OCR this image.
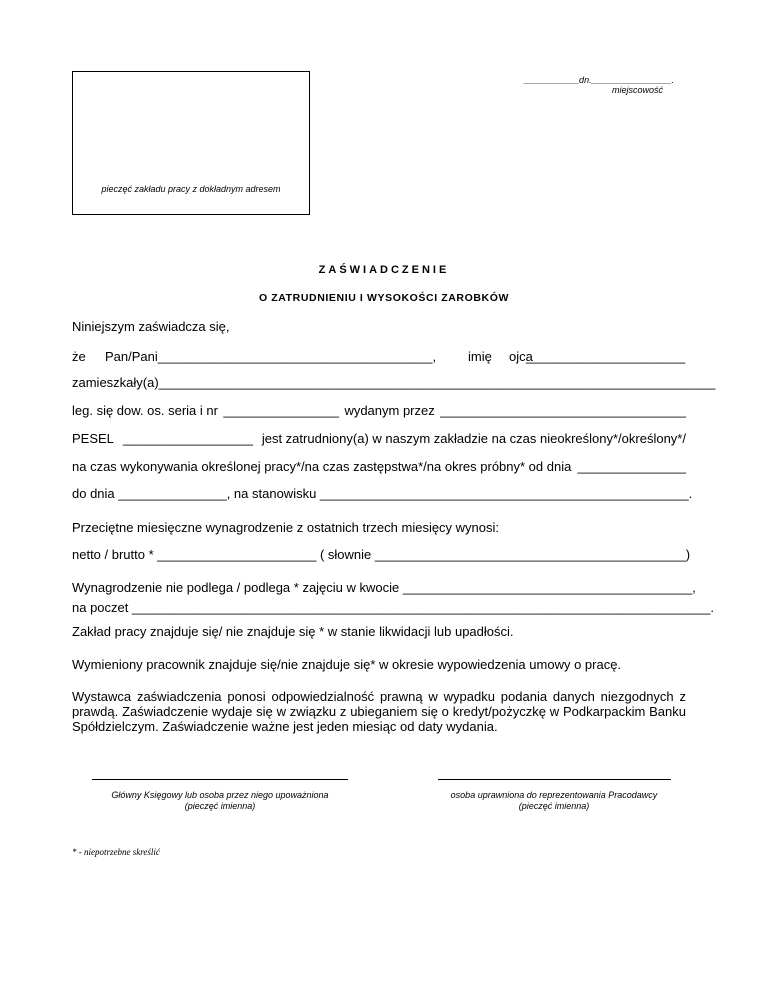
___________dn.________________.
miejscowość
pieczęć zakładu pracy z dokładnym adresem
ZAŚWIADCZENIE
O ZATRUDNIENIU I WYSOKOŚCI ZAROBKÓW
Niniejszym zaświadcza się,
że Pan/Pani______________________________________, imię ojca
______________________
zamieszkały(a)_____________________________________________________________________________
leg. się dow. os. seria i nr ________________ wydanym przez __________________________________
PESEL __________________ jest zatrudniony(a) w naszym zakładzie na czas nieokreślony*/określony*/
na czas wykonywania określonej pracy*/na czas zastępstwa*/na okres próbny* od dnia _______________
do dnia _______________, na stanowisku ___________________________________________________.
Przeciętne miesięczne wynagrodzenie z ostatnich trzech miesięcy wynosi:
netto / brutto * ______________________ ( słownie ___________________________________________)
Wynagrodzenie nie podlega / podlega * zajęciu w kwocie ________________________________________,
na poczet ________________________________________________________________________________.
Zakład pracy znajduje się/ nie znajduje się * w stanie likwidacji lub upadłości.
Wymieniony pracownik znajduje się/nie znajduje się* w okresie wypowiedzenia umowy o pracę.
Wystawca zaświadczenia ponosi odpowiedzialność prawną w wypadku podania danych niezgodnych z prawdą. Zaświadczenie wydaje się w związku z ubieganiem się o kredyt/pożyczkę w Podkarpackim Banku Spółdzielczym. Zaświadczenie ważne jest jeden miesiąc od daty wydania.
Główny Księgowy lub osoba przez niego upoważniona
(pieczęć imienna)
osoba uprawniona do reprezentowania Pracodawcy
(pieczęć imienna)
* - niepotrzebne skreślić
